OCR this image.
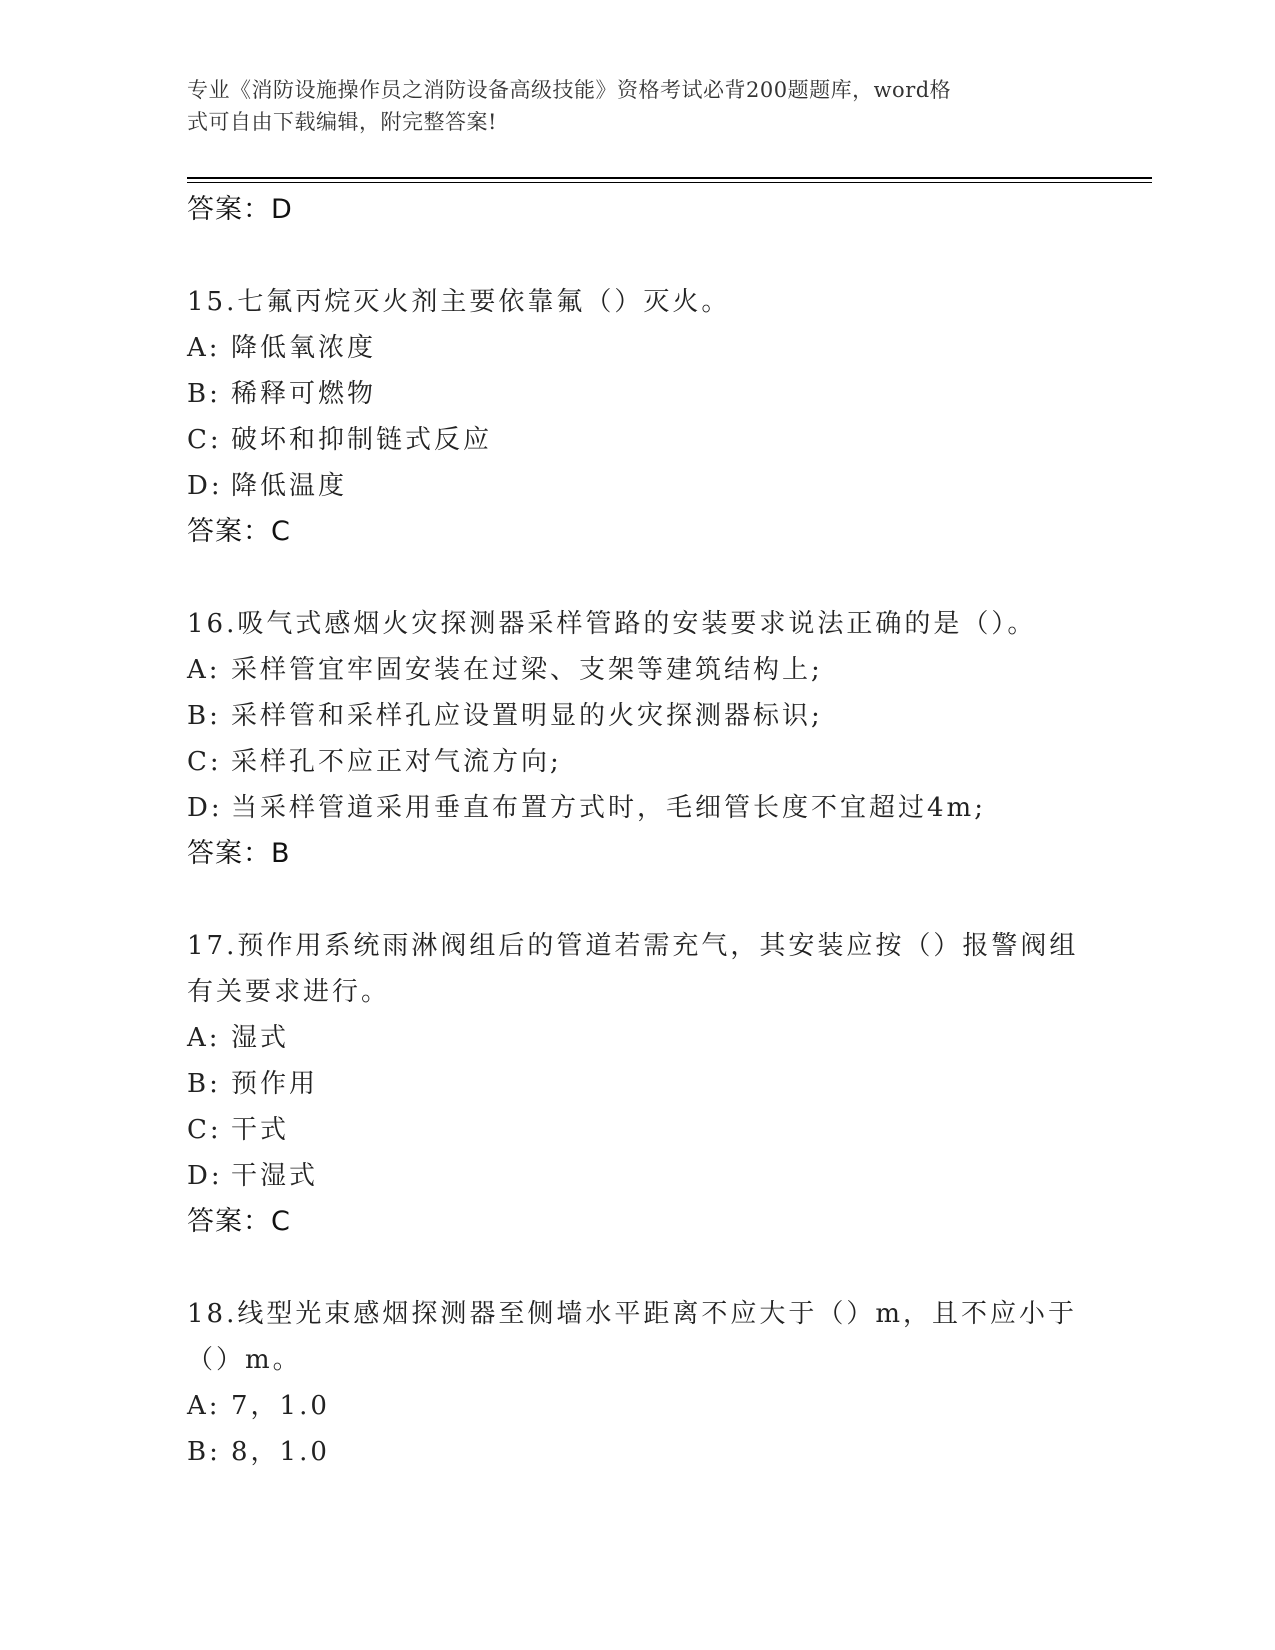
专业《消防设施操作员之消防设备高级技能》资格考试必背200题题库，word格
式可自由下载编辑，附完整答案!
答案：D
15.七氟丙烷灭火剂主要依靠氟（）灭火。
A: 降低氧浓度
B: 稀释可燃物
C: 破坏和抑制链式反应
D: 降低温度
答案：C
16.吸气式感烟火灾探测器采样管路的安装要求说法正确的是（）。
A: 采样管宜牢固安装在过梁、支架等建筑结构上;
B: 采样管和采样孔应设置明显的火灾探测器标识;
C: 采样孔不应正对气流方向;
D: 当采样管道采用垂直布置方式时，毛细管长度不宜超过4m;
答案：B
17.预作用系统雨淋阀组后的管道若需充气，其安装应按（）报警阀组
有关要求进行。
A: 湿式
B: 预作用
C: 干式
D: 干湿式
答案：C
18.线型光束感烟探测器至侧墙水平距离不应大于（）m，且不应小于
（）m。
A: 7，1.0
B: 8，1.0
